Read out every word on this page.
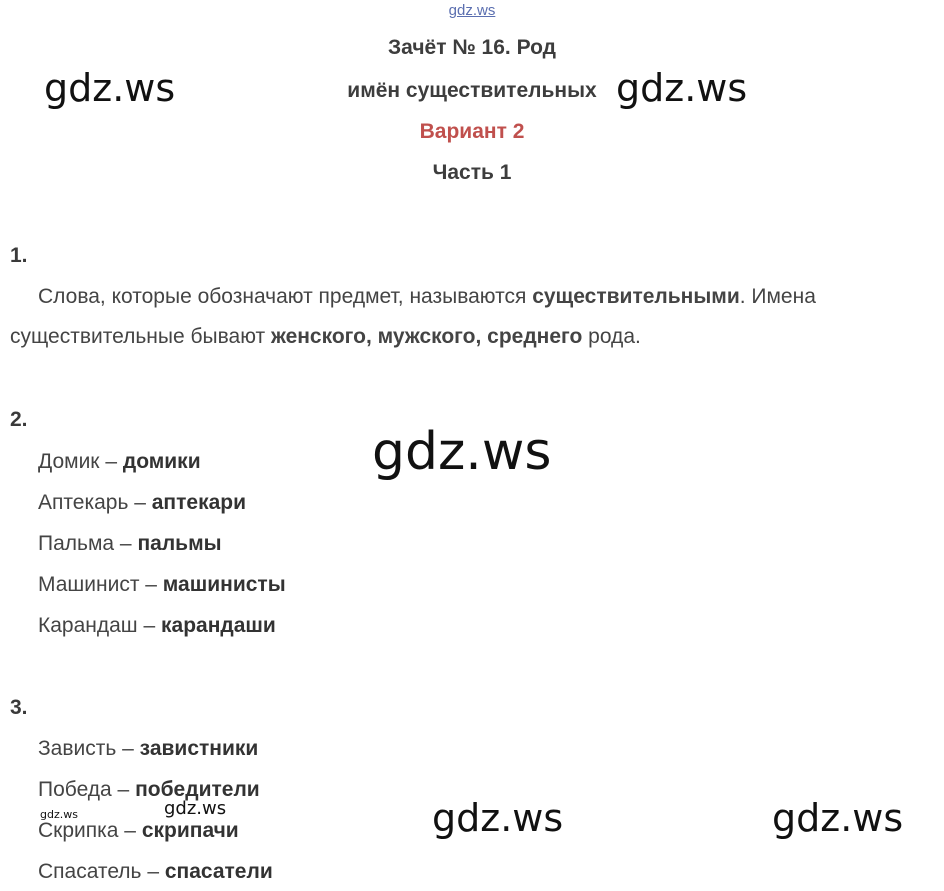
gdz.ws
gdz.ws
Зачёт № 16. Род
имён существительных gdz.ws
Вариант 2
Часть 1
1.
Слова, которые обозначают предмет, называются существительными. Имена существительные бывают женского, мужского, среднего рода.
2.
gdz.ws
Домик – домики
Аптекарь – аптекари
Пальма – пальмы
Машинист – машинисты
Карандаш – карандаши
3.
Зависть – завистники
Победа – победители
Скрипка – скрипачи
Спасатель – спасатели
gdz.ws	gdz.ws	gdz.ws	gdz.ws
